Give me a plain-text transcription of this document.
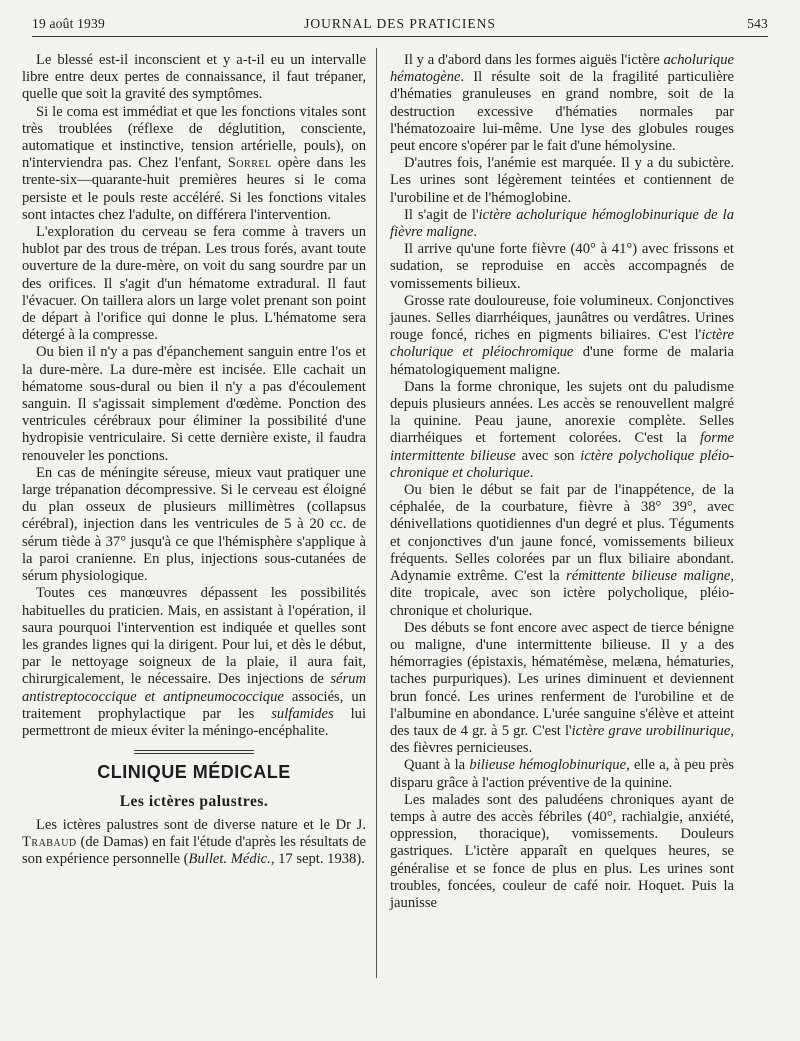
19 août 1939	JOURNAL DES PRATICIENS	543

Le blessé est-il inconscient et y a-t-il eu un intervalle libre entre deux pertes de connaissance, il faut trépaner, quelle que soit la gravité des symptômes.

Si le coma est immédiat et que les fonctions vitales sont très troublées (réflexe de déglutition, consciente, automatique et instinctive, tension artérielle, pouls), on n'interviendra pas. Chez l'enfant, Sorrel opère dans les trente-six—quarante-huit premières heures si le coma persiste et le pouls reste accéléré. Si les fonctions vitales sont intactes chez l'adulte, on différera l'intervention.

L'exploration du cerveau se fera comme à travers un hublot par des trous de trépan. Les trous forés, avant toute ouverture de la dure-mère, on voit du sang sourdre par un des orifices. Il s'agit d'un hématome extradural. Il faut l'évacuer. On taillera alors un large volet prenant son point de départ à l'orifice qui donne le plus. L'hématome sera détergé à la compresse.

Ou bien il n'y a pas d'épanchement sanguin entre l'os et la dure-mère. La dure-mère est incisée. Elle cachait un hématome sous-dural ou bien il n'y a pas d'écoulement sanguin. Il s'agissait simplement d'œdème. Ponction des ventricules cérébraux pour éliminer la possibilité d'une hydropisie ventriculaire. Si cette dernière existe, il faudra renouveler les ponctions.

En cas de méningite séreuse, mieux vaut pratiquer une large trépanation décompressive. Si le cerveau est éloigné du plan osseux de plusieurs millimètres (collapsus cérébral), injection dans les ventricules de 5 à 20 cc. de sérum tiède à 37° jusqu'à ce que l'hémisphère s'applique à la paroi cranienne. En plus, injections sous-cutanées de sérum physiologique.

Toutes ces manœuvres dépassent les possibilités habituelles du praticien. Mais, en assistant à l'opération, il saura pourquoi l'intervention est indiquée et quelles sont les grandes lignes qui la dirigent. Pour lui, et dès le début, par le nettoyage soigneux de la plaie, il aura fait, chirurgicalement, le nécessaire. Des injections de sérum antistreptococcique et antipneumococcique associés, un traitement prophylactique par les sulfamides lui permettront de mieux éviter la méningo-encéphalite.

CLINIQUE MÉDICALE
Les ictères palustres.

Les ictères palustres sont de diverse nature et le Dr J. Trabaud (de Damas) en fait l'étude d'après les résultats de son expérience personnelle (Bullet. Médic., 17 sept. 1938).

Il y a d'abord dans les formes aiguës l'ictère acholurique hématogène. Il résulte soit de la fragilité particulière d'hématies granuleuses en grand nombre, soit de la destruction excessive d'hématies normales par l'hématozoaire lui-même. Une lyse des globules rouges peut encore s'opérer par le fait d'une hémolysine.

D'autres fois, l'anémie est marquée. Il y a du subictère. Les urines sont légèrement teintées et contiennent de l'urobiline et de l'hémoglobine.

Il s'agit de l'ictère acholurique hémoglobinurique de la fièvre maligne.

Il arrive qu'une forte fièvre (40° à 41°) avec frissons et sudation, se reproduise en accès accompagnés de vomissements bilieux.

Grosse rate douloureuse, foie volumineux. Conjonctives jaunes. Selles diarrhéiques, jaunâtres ou verdâtres. Urines rouge foncé, riches en pigments biliaires. C'est l'ictère cholurique et pléiochromique d'une forme de malaria hématologiquement maligne.

Dans la forme chronique, les sujets ont du paludisme depuis plusieurs années. Les accès se renouvellent malgré la quinine. Peau jaune, anorexie complète. Selles diarrhéiques et fortement colorées. C'est la forme intermittente bilieuse avec son ictère polycholique pléio-chronique et cholurique.

Ou bien le début se fait par de l'inappétence, de la céphalée, de la courbature, fièvre à 38° 39°, avec dénivellations quotidiennes d'un degré et plus. Téguments et conjonctives d'un jaune foncé, vomissements bilieux fréquents. Selles colorées par un flux biliaire abondant. Adynamie extrême. C'est la rémittente bilieuse maligne, dite tropicale, avec son ictère polycholique, pléio-chronique et cholurique.

Des débuts se font encore avec aspect de tierce bénigne ou maligne, d'une intermittente bilieuse. Il y a des hémorragies (épistaxis, hématémèse, melæna, hématuries, taches purpuriques). Les urines diminuent et deviennent brun foncé. Les urines renferment de l'urobiline et de l'albumine en abondance. L'urée sanguine s'élève et atteint des taux de 4 gr. à 5 gr. C'est l'ictère grave urobilinurique, des fièvres pernicieuses.

Quant à la bilieuse hémoglobinurique, elle a, à peu près disparu grâce à l'action préventive de la quinine.

Les malades sont des paludéens chroniques ayant de temps à autre des accès fébriles (40°, rachialgie, anxiété, oppression, thoracique), vomissements. Douleurs gastriques. L'ictère apparaît en quelques heures, se généralise et se fonce de plus en plus. Les urines sont troubles, foncées, couleur de café noir. Hoquet. Puis la jaunisse
